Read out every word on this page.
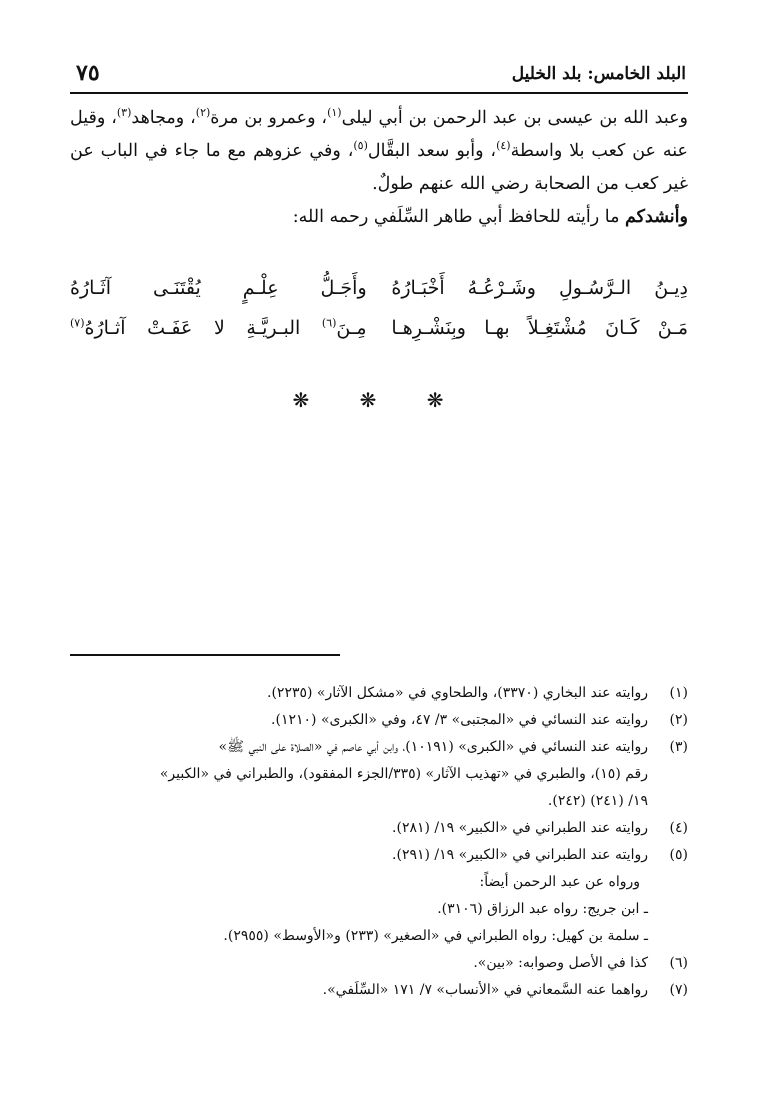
البلد الخامس: بلد الخليل
٧٥

وعبد الله بن عيسى بن عبد الرحمن بن أبي ليلى$^{(١)}$، وعمرو بن مرة$^{(٢)}$، ومجاهد$^{(٣)}$، وقيل عنه عن كعب بلا واسطة$^{(٤)}$، وأبو سعد البقَّال$^{(٥)}$، وفي عزوهم مع ما جاء في الباب عن غير كعب من الصحابة رضي الله عنهم طولٌ.

وأنشدكم ما رأيته للحافظ أبي طاهر السِّلَفي رحمه الله:

دِيـنُ الـرَّسُـولِ وشَـرْعُـهُ أَخْبَـارُهُ
وأَجَـلُّ عِلْـمٍ يُقْتَنَـى آثَـارُهُ
مَـنْ كَـانَ مُشْتَغِـلاً بهـا وبِنَشْـرِهـا
مِـنَ$^{(٦)}$ البـريَّـةِ لا عَفَـتْ آثـارُهُ$^{(٧)}$
❋ ❋ ❋
(١)
روايته عند البخاري (٣٣٧٠)، والطحاوي في «مشكل الآثار» (٢٢٣٥).
(٢)
روايته عند النسائي في «المجتبى» ٣/ ٤٧، وفي «الكبرى» (١٢١٠).
(٣)
روايته عند النسائي في «الكبرى» (١٠١٩١)، وابن أبي عاصم في «الصلاة على النبي ﷺ»
رقم (١٥)، والطبري في «تهذيب الآثار» (٣٣٥/الجزء المفقود)، والطبراني في «الكبير»
١٩/ (٢٤١) (٢٤٢).
(٤)
روايته عند الطبراني في «الكبير» ١٩/ (٢٨١).
(٥)
روايته عند الطبراني في «الكبير» ١٩/ (٢٩١).
ورواه عن عبد الرحمن أيضاً:
ـ ابن جريج: رواه عبد الرزاق (٣١٠٦).
ـ سلمة بن كهيل: رواه الطبراني في «الصغير» (٢٣٣) و«الأوسط» (٢٩٥٥).
(٦)
كذا في الأصل وصوابه: «بين».
(٧)
رواهما عنه السَّمعاني في «الأنساب» ٧/ ١٧١ «السِّلَفي».
